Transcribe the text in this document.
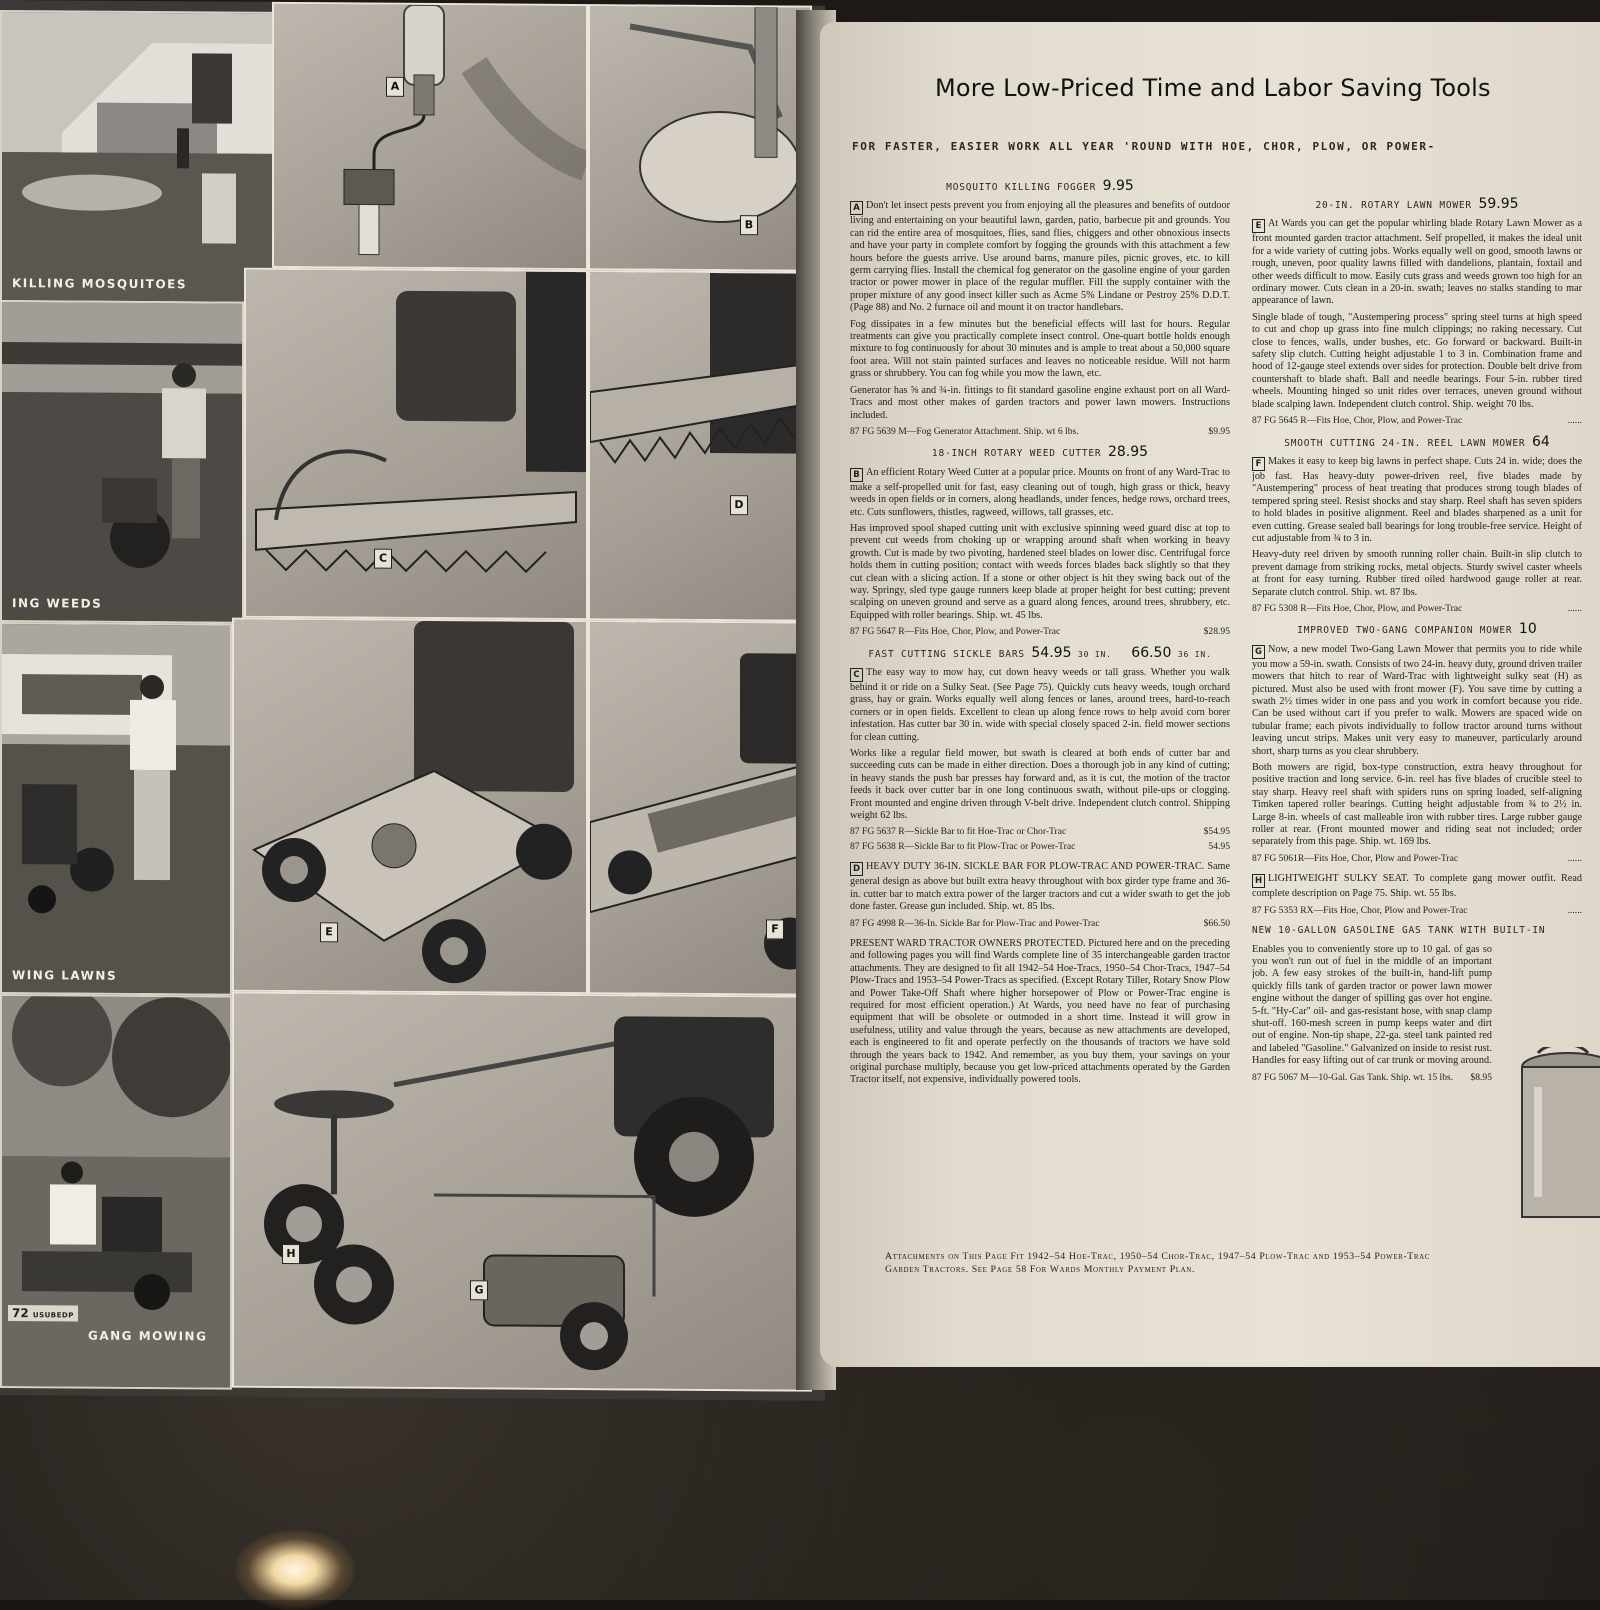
KILLING MOSQUITOES
ING WEEDS
WING LAWNS
GANG MOWING
72 USUBEDP
A
B
C
D
E	F
H
G
More Low-Priced Time and Labor Saving Tools
FOR FASTER, EASIER WORK ALL YEAR 'ROUND WITH HOE, CHOR, PLOW, OR POWER-
MOSQUITO KILLING FOGGER 9.95

A Don't let insect pests prevent you from enjoying all the pleasures and benefits of outdoor living and entertaining on your beautiful lawn, garden, patio, barbecue pit and grounds. You can rid the entire area of mosquitoes, flies, sand flies, chiggers and other obnoxious insects and have your party in complete comfort by fogging the grounds with this attachment a few hours before the guests arrive. Use around barns, manure piles, picnic groves, etc. to kill germ carrying flies. Install the chemical fog generator on the gasoline engine of your garden tractor or power mower in place of the regular muffler. Fill the supply container with the proper mixture of any good insect killer such as Acme 5% Lindane or Pestroy 25% D.D.T. (Page 88) and No. 2 furnace oil and mount it on tractor handlebars.

Fog dissipates in a few minutes but the beneficial effects will last for hours. Regular treatments can give you practically complete insect control. One-quart bottle holds enough mixture to fog continuously for about 30 minutes and is ample to treat about a 50,000 square foot area. Will not stain painted surfaces and leaves no noticeable residue. Will not harm grass or shrubbery. You can fog while you mow the lawn, etc.

Generator has ⅝ and ¾-in. fittings to fit standard gasoline engine exhaust port on all Ward-Tracs and most other makes of garden tractors and power lawn mowers. Instructions included.

87 FG 5639 M—Fog Generator Attachment. Ship. wt 6 lbs.	$9.95
18-INCH ROTARY WEED CUTTER 28.95

B An efficient Rotary Weed Cutter at a popular price. Mounts on front of any Ward-Trac to make a self-propelled unit for fast, easy cleaning out of tough, high grass or thick, heavy weeds in open fields or in corners, along headlands, under fences, hedge rows, orchard trees, etc. Cuts sunflowers, thistles, ragweed, willows, tall grasses, etc.

Has improved spool shaped cutting unit with exclusive spinning weed guard disc at top to prevent cut weeds from choking up or wrapping around shaft when working in heavy growth. Cut is made by two pivoting, hardened steel blades on lower disc. Centrifugal force holds them in cutting position; contact with weeds forces blades back slightly so that they cut clean with a slicing action. If a stone or other object is hit they swing back out of the way. Springy, sled type gauge runners keep blade at proper height for best cutting; prevent scalping on uneven ground and serve as a guard along fences, around trees, shrubbery, etc. Equipped with roller bearings. Ship. wt. 45 lbs.

87 FG 5647 R—Fits Hoe, Chor, Plow, and Power-Trac	$28.95
FAST CUTTING SICKLE BARS 54.95 30 IN. 66.50 36 IN.

C The easy way to mow hay, cut down heavy weeds or tall grass. Whether you walk behind it or ride on a Sulky Seat. (See Page 75). Quickly cuts heavy weeds, tough orchard grass, hay or grain. Works equally well along fences or lanes, around trees, hard-to-reach corners or in open fields. Excellent to clean up along fence rows to help avoid corn borer infestation. Has cutter bar 30 in. wide with special closely spaced 2-in. field mower sections for clean cutting.

Works like a regular field mower, but swath is cleared at both ends of cutter bar and succeeding cuts can be made in either direction. Does a thorough job in any kind of cutting; in heavy stands the push bar presses hay forward and, as it is cut, the motion of the tractor feeds it back over cutter bar in one long continuous swath, without pile-ups or clogging. Front mounted and engine driven through V-belt drive. Independent clutch control. Shipping weight 62 lbs.

87 FG 5637 R—Sickle Bar to fit Hoe-Trac or Chor-Trac	$54.95
87 FG 5638 R—Sickle Bar to fit Plow-Trac or Power-Trac	54.95

D HEAVY DUTY 36-IN. SICKLE BAR FOR PLOW-TRAC AND POWER-TRAC. Same general design as above but built extra heavy throughout with box girder type frame and 36-in. cutter bar to match extra power of the larger tractors and cut a wider swath to get the job done faster. Grease gun included. Ship. wt. 85 lbs.

87 FG 4998 R—36-In. Sickle Bar for Plow-Trac and Power-Trac	$66.50

PRESENT WARD TRACTOR OWNERS PROTECTED. Pictured here and on the preceding and following pages you will find Wards complete line of 35 interchangeable garden tractor attachments. They are designed to fit all 1942–54 Hoe-Tracs, 1950–54 Chor-Tracs, 1947–54 Plow-Tracs and 1953–54 Power-Tracs as specified. (Except Rotary Tiller, Rotary Snow Plow and Power Take-Off Shaft where higher horsepower of Plow or Power-Trac engine is required for most efficient operation.) At Wards, you need have no fear of purchasing equipment that will be obsolete or outmoded in a short time. Instead it will grow in usefulness, utility and value through the years, because as new attachments are developed, each is engineered to fit and operate perfectly on the thousands of tractors we have sold through the years back to 1942. And remember, as you buy them, your savings on your original purchase multiply, because you get low-priced attachments operated by the Garden Tractor itself, not expensive, individually powered tools.

20-IN. ROTARY LAWN MOWER 59.95

E At Wards you can get the popular whirling blade Rotary Lawn Mower as a front mounted garden tractor attachment. Self propelled, it makes the ideal unit for a wide variety of cutting jobs. Works equally well on good, smooth lawns or rough, uneven, poor quality lawns filled with dandelions, plantain, foxtail and other weeds difficult to mow. Easily cuts grass and weeds grown too high for an ordinary mower. Cuts clean in a 20-in. swath; leaves no stalks standing to mar appearance of lawn.

Single blade of tough, "Austempering process" spring steel turns at high speed to cut and chop up grass into fine mulch clippings; no raking necessary. Cut close to fences, walls, under bushes, etc. Go forward or backward. Built-in safety slip clutch. Cutting height adjustable 1 to 3 in. Combination frame and hood of 12-gauge steel extends over sides for protection. Double belt drive from countershaft to blade shaft. Ball and needle bearings. Four 5-in. rubber tired wheels. Mounting hinged so unit rides over terraces, uneven ground without blade scalping lawn. Independent clutch control. Ship. weight 70 lbs.

87 FG 5645 R—Fits Hoe, Chor, Plow, and Power-Trac	......
SMOOTH CUTTING 24-IN. REEL LAWN MOWER 64

F Makes it easy to keep big lawns in perfect shape. Cuts 24 in. wide; does the job fast. Has heavy-duty power-driven reel, five blades made by "Austempering" process of heat treating that produces strong tough blades of tempered spring steel. Resist shocks and stay sharp. Reel shaft has seven spiders to hold blades in positive alignment. Reel and blades sharpened as a unit for even cutting. Grease sealed ball bearings for long trouble-free service. Height of cut adjustable from ¾ to 3 in.

Heavy-duty reel driven by smooth running roller chain. Built-in slip clutch to prevent damage from striking rocks, metal objects. Sturdy swivel caster wheels at front for easy turning. Rubber tired oiled hardwood gauge roller at rear. Separate clutch control. Ship. wt. 87 lbs.

87 FG 5308 R—Fits Hoe, Chor, Plow, and Power-Trac	......
IMPROVED TWO-GANG COMPANION MOWER 10

G Now, a new model Two-Gang Lawn Mower that permits you to ride while you mow a 59-in. swath. Consists of two 24-in. heavy duty, ground driven trailer mowers that hitch to rear of Ward-Trac with lightweight sulky seat (H) as pictured. Must also be used with front mower (F). You save time by cutting a swath 2½ times wider in one pass and you work in comfort because you ride. Can be used without cart if you prefer to walk. Mowers are spaced wide on tubular frame; each pivots individually to follow tractor around turns without leaving uncut strips. Makes unit very easy to maneuver, particularly around short, sharp turns as you clear shrubbery.

Both mowers are rigid, box-type construction, extra heavy throughout for positive traction and long service. 6-in. reel has five blades of crucible steel to stay sharp. Heavy reel shaft with spiders runs on spring loaded, self-aligning Timken tapered roller bearings. Cutting height adjustable from ¾ to 2½ in. Large 8-in. wheels of cast malleable iron with rubber tires. Large rubber gauge roller at rear. (Front mounted mower and riding seat not included; order separately from this page. Ship. wt. 169 lbs.

87 FG 5061R—Fits Hoe, Chor, Plow and Power-Trac	......

H LIGHTWEIGHT SULKY SEAT. To complete gang mower outfit. Read complete description on Page 75. Ship. wt. 55 lbs.

87 FG 5353 RX—Fits Hoe, Chor, Plow and Power-Trac	......
NEW 10-GALLON GASOLINE GAS TANK WITH BUILT-IN

Enables you to conveniently store up to 10 gal. of gas so you won't run out of fuel in the middle of an important job. A few easy strokes of the built-in, hand-lift pump quickly fills tank of garden tractor or power lawn mower engine without the danger of spilling gas over hot engine. 5-ft. "Hy-Car" oil- and gas-resistant hose, with snap clamp shut-off. 160-mesh screen in pump keeps water and dirt out of engine. Non-tip shape, 22-ga. steel tank painted red and labeled "Gasoline." Galvanized on inside to resist rust. Handles for easy lifting out of car trunk or moving around.

87 FG 5067 M—10-Gal. Gas Tank. Ship. wt. 15 lbs. $8.95
Attachments on This Page Fit 1942–54 Hoe-Trac, 1950–54 Chor-Trac, 1947–54 Plow-Trac and 1953–54 Power-Trac Garden Tractors. See Page 58 For Wards Monthly Payment Plan.
